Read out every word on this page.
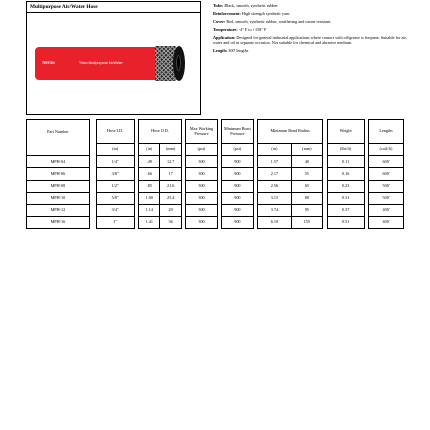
Multipurpose Air/Water Hose
TRITON	Triton Multipurpose Air/Water

Tube: Black, smooth, synthetic rubber

Reinforcement: High strength synthetic yarn

Cover: Red, smooth, synthetic rubber, weathering and ozone resistant.

Temperature: -4° F to +158° F

Application: Designed for general industrial applications where contact with oil/grease is frequent. Suitable for air, water and oil in separate occasion. Not suitable for chemical and abrasive medium.

Length: 300' lengths

Part Number		Hose I.D.		Hose O.D.			Max Working Pressure		Minimum Burst Pressure		Minimum Bend Radius			Weight		Lengths
		(in)		(in)	(mm)		(psi)		(psi)		(in)	(mm)		(lbs/ft)		(coil/ft)
MPH-04		1/4"		.49	12.7		300		900		1.57	40		0.11		600'
MPH-06		3/8"		.66	17		300		900		2.17	55		0.16		600'
MPH-08		1/2"		.85	21.6		300		900		2.56	65		0.23		500'
MPH-10		5/8"		1.00	25.4		300		900		3.15	80		0.31		500'
MPH-12		3/4"		1.14	29		300		900		3.74	95		0.37		400'
MPH-16		1"		1.41	36		300		900		6.10	155		0.51		400'
